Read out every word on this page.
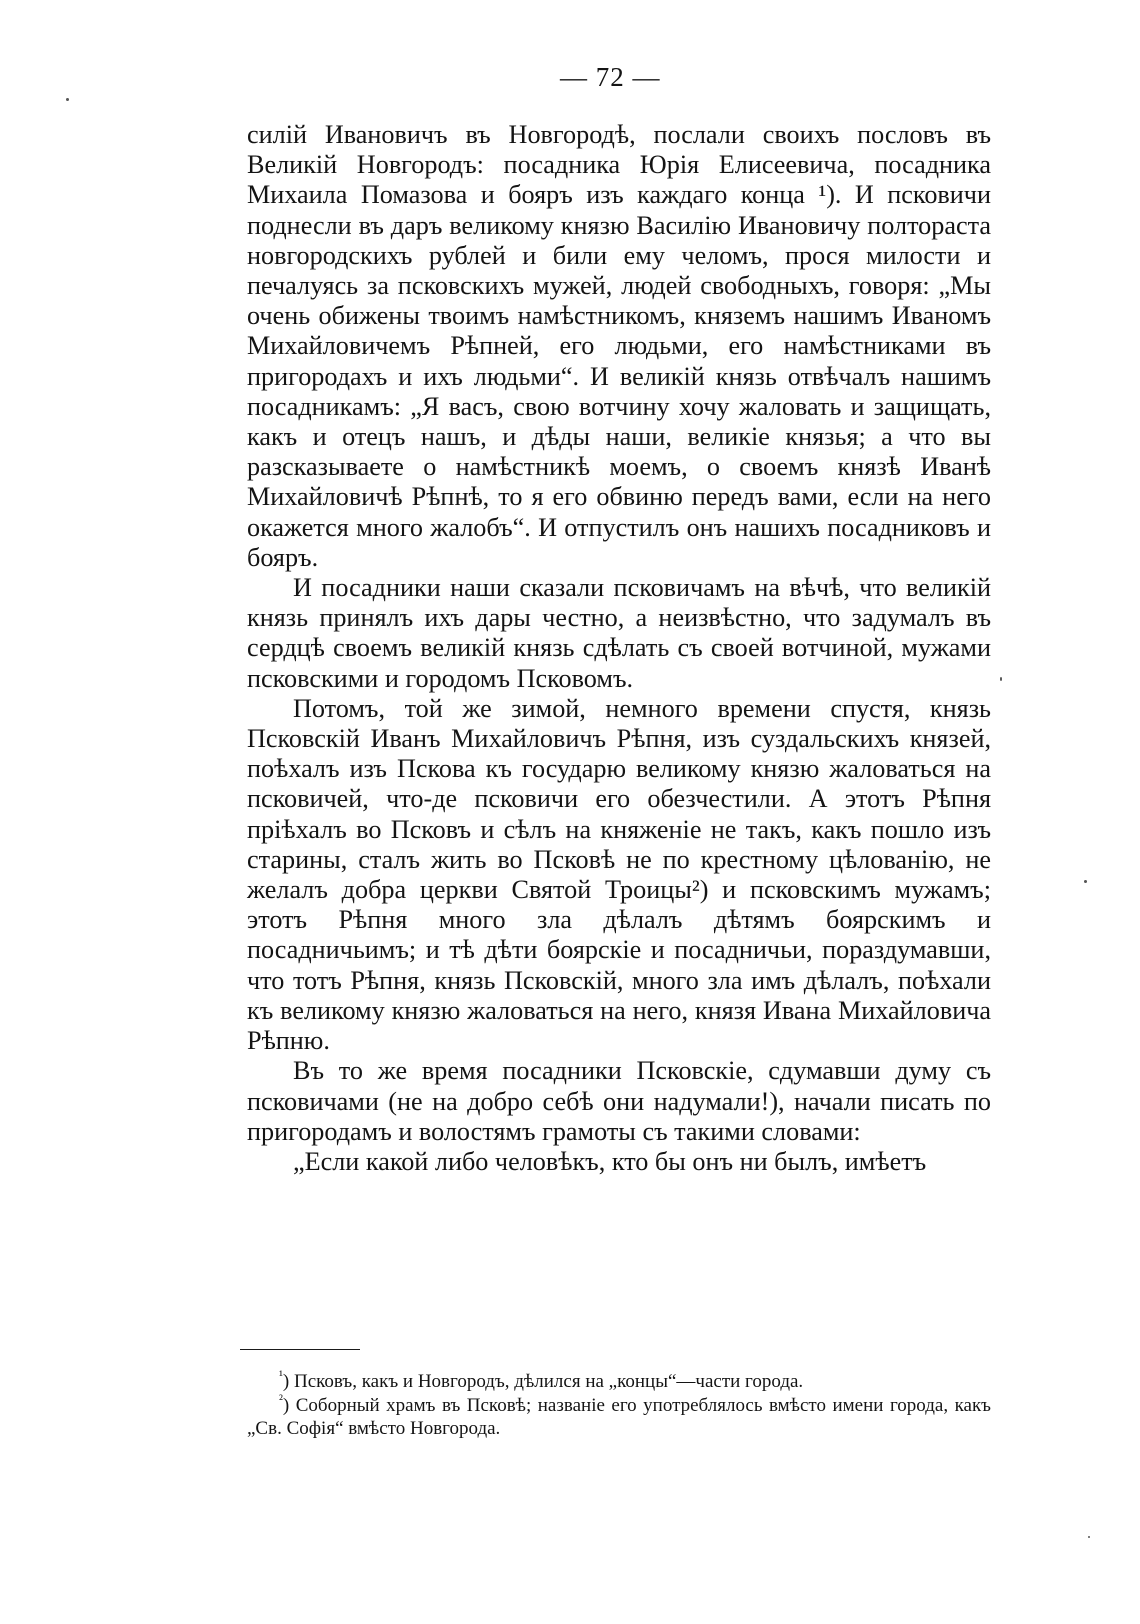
— 72 —

силій Ивановичъ въ Новгородѣ, послали своихъ пословъ въ Великій Новгородъ: посадника Юрія Елисеевича, посадника Михаила Помазова и бояръ изъ каждаго конца ¹). И псковичи поднесли въ даръ великому князю Василію Ивановичу полтораста новгородскихъ рублей и били ему челомъ, прося милости и печалуясь за псковскихъ мужей, людей свободныхъ, говоря: „Мы очень обижены твоимъ намѣстникомъ, княземъ нашимъ Иваномъ Михайловичемъ Рѣпней, его людьми, его намѣстниками въ пригородахъ и ихъ людьми“. И великій князь отвѣчалъ нашимъ посадникамъ: „Я васъ, свою вотчину хочу жаловать и защищать, какъ и отецъ нашъ, и дѣды наши, великіе князья; а что вы разсказываете о намѣстникѣ моемъ, о своемъ князѣ Иванѣ Михайловичѣ Рѣпнѣ, то я его обвиню передъ вами, если на него окажется много жалобъ“. И отпустилъ онъ нашихъ посадниковъ и бояръ.

И посадники наши сказали псковичамъ на вѣчѣ, что великій князь принялъ ихъ дары честно, а неизвѣстно, что задумалъ въ сердцѣ своемъ великій князь сдѣлать съ своей вотчиной, мужами псковскими и городомъ Псковомъ.

Потомъ, той же зимой, немного времени спустя, князь Псковскій Иванъ Михайловичъ Рѣпня, изъ суздальскихъ князей, поѣхалъ изъ Пскова къ государю великому князю жаловаться на псковичей, что-де псковичи его обезчестили. А этотъ Рѣпня пріѣхалъ во Псковъ и сѣлъ на княженіе не такъ, какъ пошло изъ старины, сталъ жить во Псковѣ не по крестному цѣлованію, не желалъ добра церкви Святой Троицы²) и псковскимъ мужамъ; этотъ Рѣпня много зла дѣлалъ дѣтямъ боярскимъ и посадничьимъ; и тѣ дѣти боярскіе и посадничьи, пораздумавши, что тотъ Рѣпня, князь Псковскій, много зла имъ дѣлалъ, поѣхали къ великому князю жаловаться на него, князя Ивана Михайловича Рѣпню.

Въ то же время посадники Псковскіе, сдумавши думу съ псковичами (не на добро себѣ они надумали!), начали писать по пригородамъ и волостямъ грамоты съ такими словами:

„Если какой либо человѣкъ, кто бы онъ ни былъ, имѣетъ

$^{^1}$) Псковъ, какъ и Новгородъ, дѣлился на „концы“—части города.

$^{^2}$) Соборный храмъ въ Псковѣ; названіе его употреблялось вмѣсто имени города, какъ „Св. Софія“ вмѣсто Новгорода.
